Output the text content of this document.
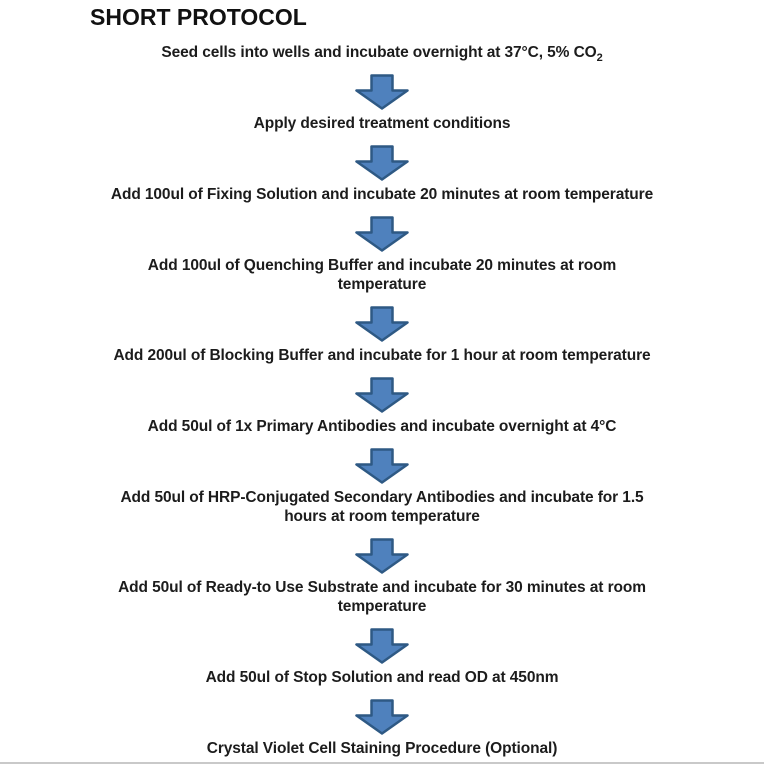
SHORT PROTOCOL
Seed cells into wells and incubate overnight at 37°C, 5% $CO_2$
Apply desired treatment conditions
Add 100ul of Fixing Solution and incubate 20 minutes at room temperature
Add 100ul of Quenching Buffer and incubate 20 minutes at room
temperature
Add 200ul of Blocking Buffer and incubate for 1 hour at room temperature
Add 50ul of 1x Primary Antibodies and incubate overnight at 4°C
Add 50ul of HRP-Conjugated Secondary Antibodies and incubate for 1.5
hours at room temperature
Add 50ul of Ready-to Use Substrate and incubate for 30 minutes at room
temperature
Add 50ul of Stop Solution and read OD at 450nm
Crystal Violet Cell Staining Procedure (Optional)
